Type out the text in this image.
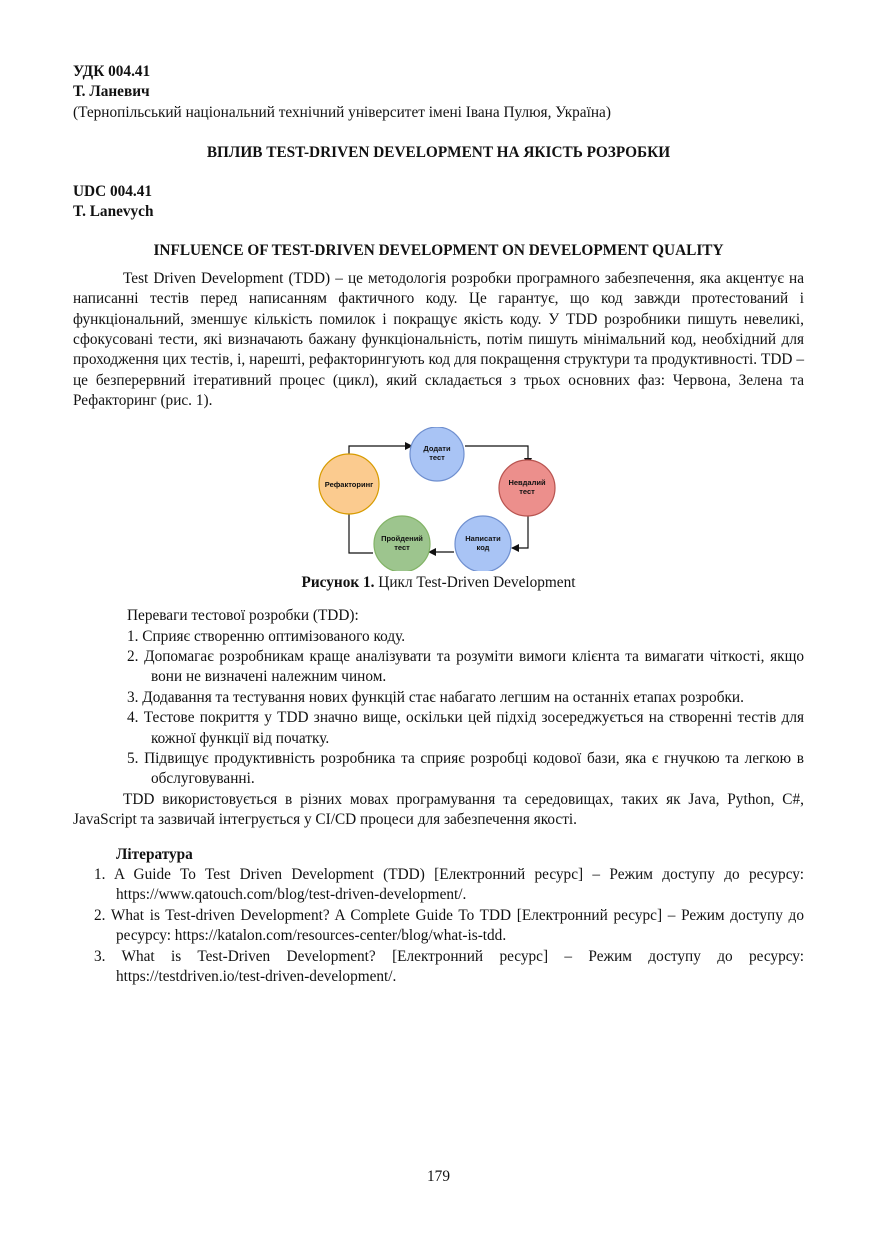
УДК 004.41
Т. Ланевич
(Тернопільський національний технічний університет імені Івана Пулюя, Україна)
ВПЛИВ TEST-DRIVEN DEVELOPMENT НА ЯКІСТЬ РОЗРОБКИ
UDC 004.41
T. Lanevych
INFLUENCE OF TEST-DRIVEN DEVELOPMENT ON DEVELOPMENT QUALITY

Test Driven Development (TDD) – це методологія розробки програмного забезпечення, яка акцентує на написанні тестів перед написанням фактичного коду. Це гарантує, що код завжди протестований і функціональний, зменшує кількість помилок і покращує якість коду. У TDD розробники пишуть невеликі, сфокусовані тести, які визначають бажану функціональність, потім пишуть мінімальний код, необхідний для проходження цих тестів, і, нарешті, рефакторингують код для покращення структури та продуктивності. TDD – це безперервний ітеративний процес (цикл), який складається з трьох основних фаз: Червона, Зелена та Рефакторинг (рис. 1).

Додати
тест
Невдалий
тест
Написати
код
Пройдений
тест
Рефакторинг
Рисунок 1. Цикл Test-Driven Development
Переваги тестової розробки (TDD):
1. Сприяє створенню оптимізованого коду.
2. Допомагає розробникам краще аналізувати та розуміти вимоги клієнта та вимагати чіткості, якщо вони не визначені належним чином.
3. Додавання та тестування нових функцій стає набагато легшим на останніх етапах розробки.
4. Тестове покриття у TDD значно вище, оскільки цей підхід зосереджується на створенні тестів для кожної функції від початку.
5. Підвищує продуктивність розробника та сприяє розробці кодової бази, яка є гнучкою та легкою в обслуговуванні.

TDD використовується в різних мовах програмування та середовищах, таких як Java, Python, C#, JavaScript та зазвичай інтегрується у CI/CD процеси для забезпечення якості.

Література
1. A Guide To Test Driven Development (TDD) [Електронний ресурс] – Режим доступу до ресурсу: https://www.qatouch.com/blog/test-driven-development/.
2. What is Test-driven Development? A Complete Guide To TDD [Електронний ресурс] – Режим доступу до ресурсу: https://katalon.com/resources-center/blog/what-is-tdd.
3. What is Test-Driven Development? [Електронний ресурс] – Режим доступу до ресурсу: https://testdriven.io/test-driven-development/.
179
